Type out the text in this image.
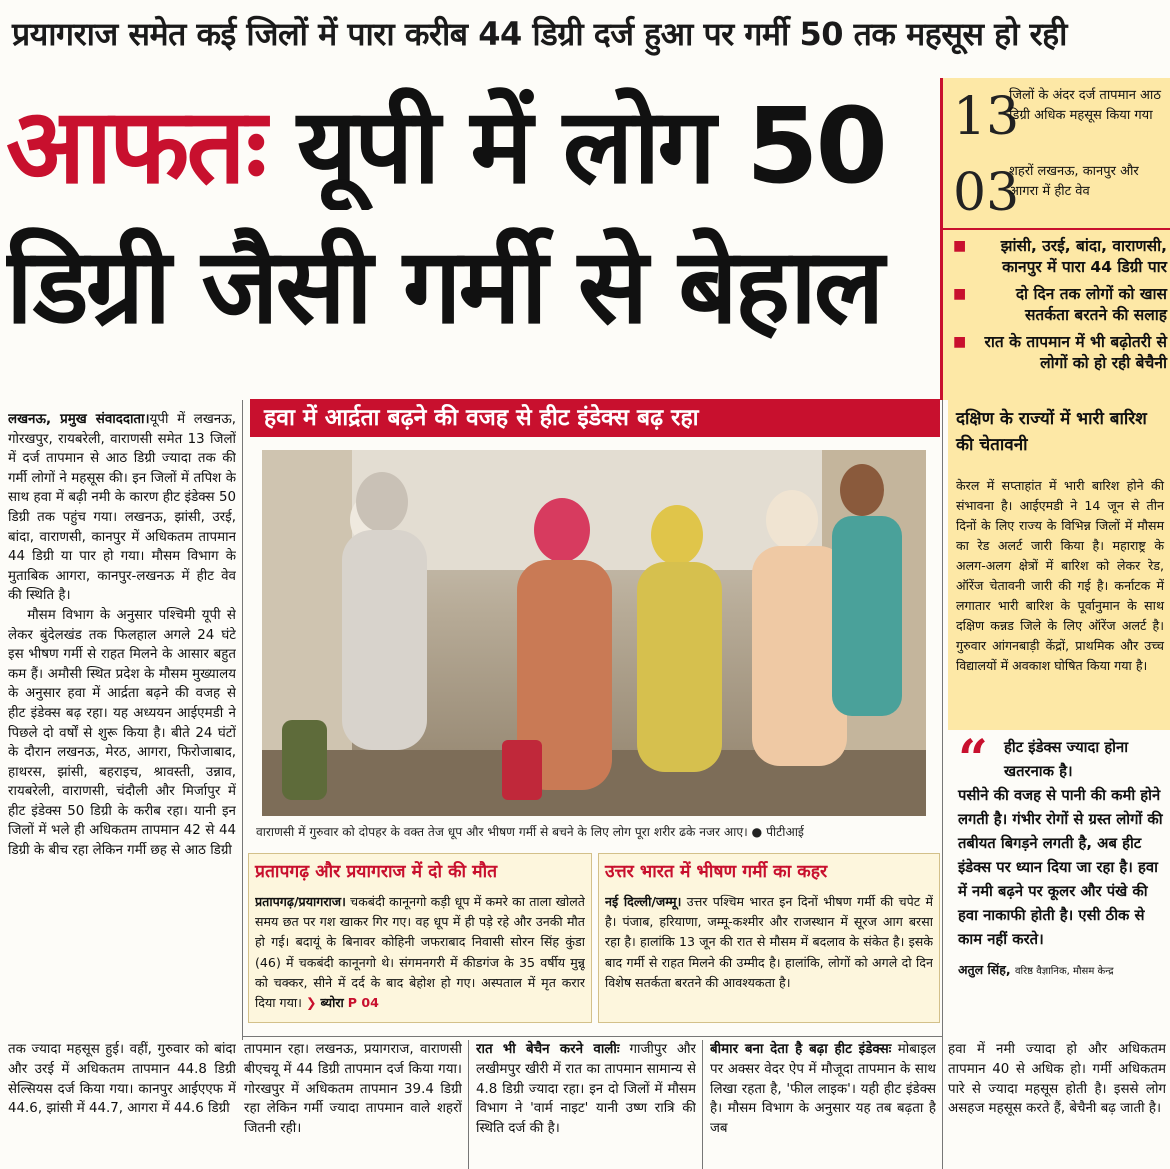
प्रयागराज समेत कई जिलों में पारा करीब 44 डिग्री दर्ज हुआ पर गर्मी 50 तक महसूस हो रही
आफतः यूपी में लोग 50
डिग्री जैसी गर्मी से बेहाल
13
जिलों के अंदर दर्ज तापमान आठ डिग्री अधिक महसूस किया गया
03
शहरों लखनऊ, कानपुर और आगरा में हीट वेव
■ झांसी, उरई, बांदा, वाराणसी, कानपुर में पारा 44 डिग्री पार
■ दो दिन तक लोगों को खास सतर्कता बरतने की सलाह
■ रात के तापमान में भी बढ़ोतरी से लोगों को हो रही बेचैनी
लखनऊ, प्रमुख संवाददाता।यूपी में लखनऊ, गोरखपुर, रायबरेली, वाराणसी समेत 13 जिलों में दर्ज तापमान से आठ डिग्री ज्यादा तक की गर्मी लोगों ने महसूस की। इन जिलों में तपिश के साथ हवा में बढ़ी नमी के कारण हीट इंडेक्स 50 डिग्री तक पहुंच गया। लखनऊ, झांसी, उरई, बांदा, वाराणसी, कानपुर में अधिकतम तापमान 44 डिग्री या पार हो गया। मौसम विभाग के मुताबिक आगरा, कानपुर-लखनऊ में हीट वेव की स्थिति है।
मौसम विभाग के अनुसार पश्चिमी यूपी से लेकर बुंदेलखंड तक फिलहाल अगले 24 घंटे इस भीषण गर्मी से राहत मिलने के आसार बहुत कम हैं। अमौसी स्थित प्रदेश के मौसम मुख्यालय के अनुसार हवा में आर्द्रता बढ़ने की वजह से हीट इंडेक्स बढ़ रहा। यह अध्ययन आईएमडी ने पिछले दो वर्षों से शुरू किया है। बीते 24 घंटों के दौरान लखनऊ, मेरठ, आगरा, फिरोजाबाद, हाथरस, झांसी, बहराइच, श्रावस्ती, उन्नाव, रायबरेली, वाराणसी, चंदौली और मिर्जापुर में हीट इंडेक्स 50 डिग्री के करीब रहा। यानी इन जिलों में भले ही अधिकतम तापमान 42 से 44 डिग्री के बीच रहा लेकिन गर्मी छह से आठ डिग्री
हवा में आर्द्रता बढ़ने की वजह से हीट इंडेक्स बढ़ रहा
वाराणसी में गुरुवार को दोपहर के वक्त तेज धूप और भीषण गर्मी से बचने के लिए लोग पूरा शरीर ढके नजर आए। ● पीटीआई
प्रतापगढ़ और प्रयागराज में दो की मौत
प्रतापगढ़/प्रयागराज। चकबंदी कानूनगो कड़ी धूप में कमरे का ताला खोलते समय छत पर गश खाकर गिर गए। वह धूप में ही पड़े रहे और उनकी मौत हो गई। बदायूं के बिनावर कोहिनी जफराबाद निवासी सोरन सिंह कुंडा (46) में चकबंदी कानूनगो थे। संगमनगरी में कीडगंज के 35 वर्षीय मुन्नू को चक्कर, सीने में दर्द के बाद बेहोश हो गए। अस्पताल में मृत करार दिया गया। ❯ ब्योरा P 04
उत्तर भारत में भीषण गर्मी का कहर
नई दिल्ली/जम्मू। उत्तर पश्चिम भारत इन दिनों भीषण गर्मी की चपेट में है। पंजाब, हरियाणा, जम्मू-कश्मीर और राजस्थान में सूरज आग बरसा रहा है। हालांकि 13 जून की रात से मौसम में बदलाव के संकेत है। इसके बाद गर्मी से राहत मिलने की उम्मीद है। हालांकि, लोगों को अगले दो दिन विशेष सतर्कता बरतने की आवश्यकता है।
दक्षिण के राज्यों में भारी बारिश की चेतावनी
केरल में सप्ताहांत में भारी बारिश होने की संभावना है। आईएमडी ने 14 जून से तीन दिनों के लिए राज्य के विभिन्न जिलों में मौसम का रेड अलर्ट जारी किया है। महाराष्ट्र के अलग-अलग क्षेत्रों में बारिश को लेकर रेड, ऑरेंज चेतावनी जारी की गई है। कर्नाटक में लगातार भारी बारिश के पूर्वानुमान के साथ दक्षिण कन्नड जिले के लिए ऑरेंज अलर्ट है। गुरुवार आंगनबाड़ी केंद्रों, प्राथमिक और उच्च विद्यालयों में अवकाश घोषित किया गया है।
“	हीट इंडेक्स ज्यादा होना खतरनाक है।
पसीने की वजह से पानी की कमी होने लगती है। गंभीर रोगों से ग्रस्त लोगों की तबीयत बिगड़ने लगती है, अब हीट इंडेक्स पर ध्यान दिया जा रहा है। हवा में नमी बढ़ने पर कूलर और पंखे की हवा नाकाफी होती है। एसी ठीक से काम नहीं करते।
अतुल सिंह, वरिष्ठ वैज्ञानिक, मौसम केन्द्र
तक ज्यादा महसूस हुई। वहीं, गुरुवार को बांदा और उरई में अधिकतम तापमान 44.8 डिग्री सेल्सियस दर्ज किया गया। कानपुर आईएएफ में 44.6, झांसी में 44.7, आगरा में 44.6 डिग्री
तापमान रहा। लखनऊ, प्रयागराज, वाराणसी बीएचयू में 44 डिग्री तापमान दर्ज किया गया। गोरखपुर में अधिकतम तापमान 39.4 डिग्री रहा लेकिन गर्मी ज्यादा तापमान वाले शहरों जितनी रही।
रात भी बेचैन करने वालीः गाजीपुर और लखीमपुर खीरी में रात का तापमान सामान्य से 4.8 डिग्री ज्यादा रहा। इन दो जिलों में मौसम विभाग ने 'वार्म नाइट' यानी उष्ण रात्रि की स्थिति दर्ज की है।
बीमार बना देता है बढ़ा हीट इंडेक्सः मोबाइल पर अक्सर वेदर ऐप में मौजूदा तापमान के साथ लिखा रहता है, 'फील लाइक'। यही हीट इंडेक्स है। मौसम विभाग के अनुसार यह तब बढ़ता है जब
हवा में नमी ज्यादा हो और अधिकतम तापमान 40 से अधिक हो। गर्मी अधिकतम पारे से ज्यादा महसूस होती है। इससे लोग असहज महसूस करते हैं, बेचैनी बढ़ जाती है।
